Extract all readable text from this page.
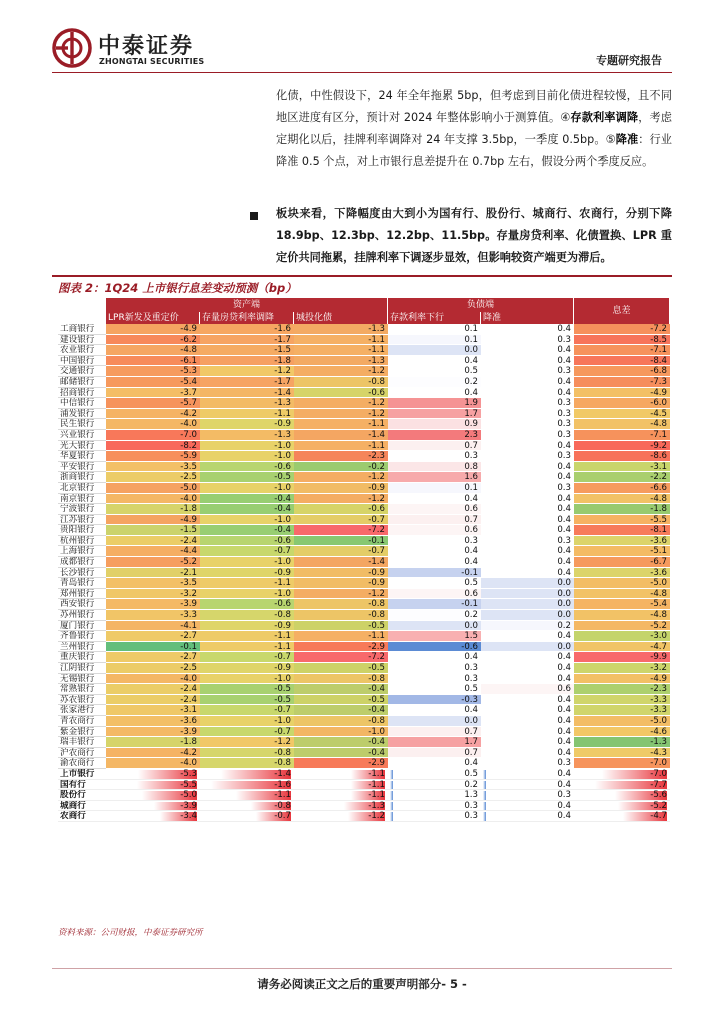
中泰证券
ZHONGTAI SECURITIES	专题研究报告
化债，中性假设下，24 年全年拖累 5bp，但考虑到目前化债进程较慢，且不同地区进度有区分，预计对 2024 年整体影响小于测算值。④存款利率调降，考虑定期化以后，挂牌利率调降对 24 年支撑 3.5bp，一季度 0.5bp。⑤降准：行业降准 0.5 个点，对上市银行息差提升在 0.7bp 左右，假设分两个季度反应。
板块来看，下降幅度由大到小为国有行、股份行、城商行、农商行，分别下降 18.9bp、12.3bp、12.2bp、11.5bp。存量房贷利率、化债置换、LPR 重定价共同拖累，挂牌利率下调逐步显效，但影响较资产端更为滞后。
图表 2：1Q24 上市银行息差变动预测（bp）
资产端	负债端
息差
LPR新发及重定价	存量房贷利率调降	城投化债	存款利率下行	降准
工商银行	-4.9	-1.6	-1.3	0.1	0.4	-7.2
建设银行	-6.2	-1.7	-1.1	0.1	0.3	-8.5
农业银行	-4.8	-1.5	-1.1	0.0	0.4	-7.1
中国银行	-6.1	-1.8	-1.3	0.4	0.4	-8.4
交通银行	-5.3	-1.2	-1.2	0.5	0.3	-6.8
邮储银行	-5.4	-1.7	-0.8	0.2	0.4	-7.3
招商银行	-3.7	-1.4	-0.6	0.4	0.4	-4.9
中信银行	-5.7	-1.3	-1.2	1.9	0.3	-6.0
浦发银行	-4.2	-1.1	-1.2	1.7	0.3	-4.5
民生银行	-4.0	-0.9	-1.1	0.9	0.3	-4.8
兴业银行	-7.0	-1.3	-1.4	2.3	0.3	-7.1
光大银行	-8.2	-1.0	-1.1	0.7	0.4	-9.2
华夏银行	-5.9	-1.0	-2.3	0.3	0.3	-8.6
平安银行	-3.5	-0.6	-0.2	0.8	0.4	-3.1
浙商银行	-2.5	-0.5	-1.2	1.6	0.4	-2.2
北京银行	-5.0	-1.0	-0.9	0.1	0.3	-6.6
南京银行	-4.0	-0.4	-1.2	0.4	0.4	-4.8
宁波银行	-1.8	-0.4	-0.6	0.6	0.4	-1.8
江苏银行	-4.9	-1.0	-0.7	0.7	0.4	-5.5
贵阳银行	-1.5	-0.4	-7.2	0.6	0.4	-8.1
杭州银行	-2.4	-0.6	-0.1	0.3	0.3	-3.6
上海银行	-4.4	-0.7	-0.7	0.4	0.4	-5.1
成都银行	-5.2	-1.0	-1.4	0.4	0.4	-6.7
长沙银行	-2.1	-0.9	-0.9	-0.1	0.4	-3.6
青岛银行	-3.5	-1.1	-0.9	0.5	0.0	-5.0
郑州银行	-3.2	-1.0	-1.2	0.6	0.0	-4.8
西安银行	-3.9	-0.6	-0.8	-0.1	0.0	-5.4
苏州银行	-3.3	-0.8	-0.8	0.2	0.0	-4.8
厦门银行	-4.1	-0.9	-0.5	0.0	0.2	-5.2
齐鲁银行	-2.7	-1.1	-1.1	1.5	0.4	-3.0
兰州银行	-0.1	-1.1	-2.9	-0.6	0.0	-4.7
重庆银行	-2.7	-0.7	-7.2	0.4	0.4	-9.9
江阴银行	-2.5	-0.9	-0.5	0.3	0.4	-3.2
无锡银行	-4.0	-1.0	-0.8	0.3	0.4	-4.9
常熟银行	-2.4	-0.5	-0.4	0.5	0.6	-2.3
苏农银行	-2.4	-0.5	-0.5	-0.3	0.4	-3.3
张家港行	-3.1	-0.7	-0.4	0.4	0.4	-3.3
青农商行	-3.6	-1.0	-0.8	0.0	0.4	-5.0
紫金银行	-3.9	-0.7	-1.0	0.7	0.4	-4.6
瑞丰银行	-1.8	-1.2	-0.4	1.7	0.4	-1.3
沪农商行	-4.2	-0.8	-0.4	0.7	0.4	-4.3
渝农商行	-4.0	-0.8	-2.9	0.4	0.3	-7.0
上市银行	-5.3	-1.4	-1.1	0.5	0.4	-7.0
国有行	-5.5	-1.6	-1.1	0.2	0.4	-7.7
股份行	-5.0	-1.1	-1.1	1.3	0.3	-5.6
城商行	-3.9	-0.8	-1.3	0.3	0.4	-5.2
农商行	-3.4	-0.7	-1.2	0.3	0.4	-4.7
资料来源：公司财报，中泰证券研究所
请务必阅读正文之后的重要声明部分- 5 -
